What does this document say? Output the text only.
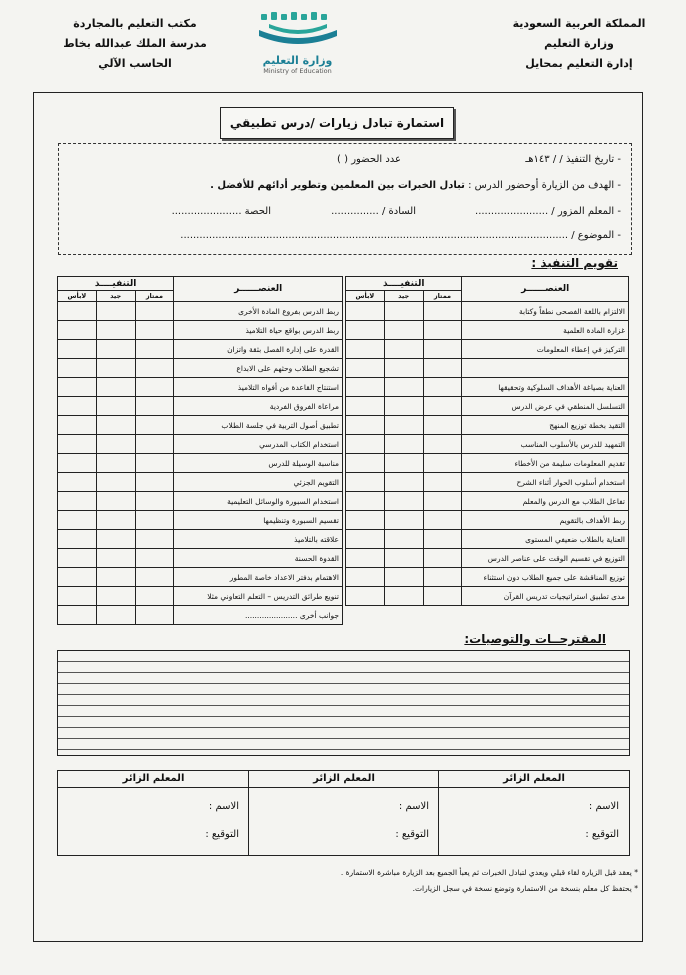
المملكة العربية السعودية
وزارة التعليم
إدارة التعليم بمحايل
مكتب التعليم بالمجاردة
مدرسة الملك عبدالله بخاط
الحاسب الآلي	وزارة التعليم
Ministry of Education
استمارة تبادل زيارات /درس تطبيقي
- تاريخ التنفيذ / / ١٤٣هـ
عدد الحضور ( )
- الهدف من الزيارة أوحضور الدرس : تبادل الخبرات بين المعلمين وتطوير أدائهم للأفضل .
- المعلم المزور / .......................
السادة / ...............
الحصة ......................
- الموضوع / ..........................................................................................................................
تقويم التنفيذ :
العنصــــــر	التنفيــــذ		
	ممتاز	جيد	لابأس
الالتزام باللغة الفصحى نطقاً وكتابة			
غزارة المادة العلمية			
التركيز في إعطاء المعلومات			

العناية بصياغة الأهداف السلوكية وتحقيقها			
التسلسل المنطقي في عرض الدرس			
التقيد بخطة توزيع المنهج			
التمهيد للدرس بالأسلوب المناسب			
تقديم المعلومات سليمة من الأخطاء			
استخدام أسلوب الحوار أثناء الشرح			
تفاعل الطلاب مع الدرس والمعلم			
ربط الأهداف بالتقويم			
العناية بالطلاب ضعيفي المستوى			
التوزيع في تقسيم الوقت على عناصر الدرس			
توزيع المناقشة على جميع الطلاب دون استثناء			
مدى تطبيق استراتيجيات تدريس القرآن			
العنصــــــر	التنفيــــذ		
	ممتاز	جيد	لابأس
ربط الدرس بفروع المادة الأخرى			
ربط الدرس بواقع حياة التلاميذ			
القدرة على إدارة الفصل بثقة واتزان			
تشجيع الطلاب وحثهم على الابداع			
استنتاج القاعدة من أفواه التلاميذ			
مراعاة الفروق الفردية			
تطبيق أصول التربية في جلسة الطلاب			
استخدام الكتاب المدرسي			
مناسبة الوسيلة للدرس			
التقويم الجزئي			
استخدام السبورة والوسائل التعليمية			
تقسيم السبورة وتنظيمها			
علاقته بالتلاميذ			
القدوة الحسنة			
الاهتمام بدفتر الاعداد خاصة المطور			
تنويع طرائق التدريس – التعلم التعاوني مثلا			
جوانب أخرى ......................			
المقترحــات والتوصيات:
المعلم الزائر
الاسم :
التوقيع :
المعلم الزائر
الاسم :
التوقيع :
المعلم الزائر
الاسم :
التوقيع :
* يعقد قبل الزيارة لقاء قبلي ويعدي لتبادل الخبرات ثم يعبأ الجميع بعد الزيارة مباشرة الاستمارة .
* يحتفظ كل معلم بنسخة من الاستمارة وتوضع نسخة في سجل الزيارات.
